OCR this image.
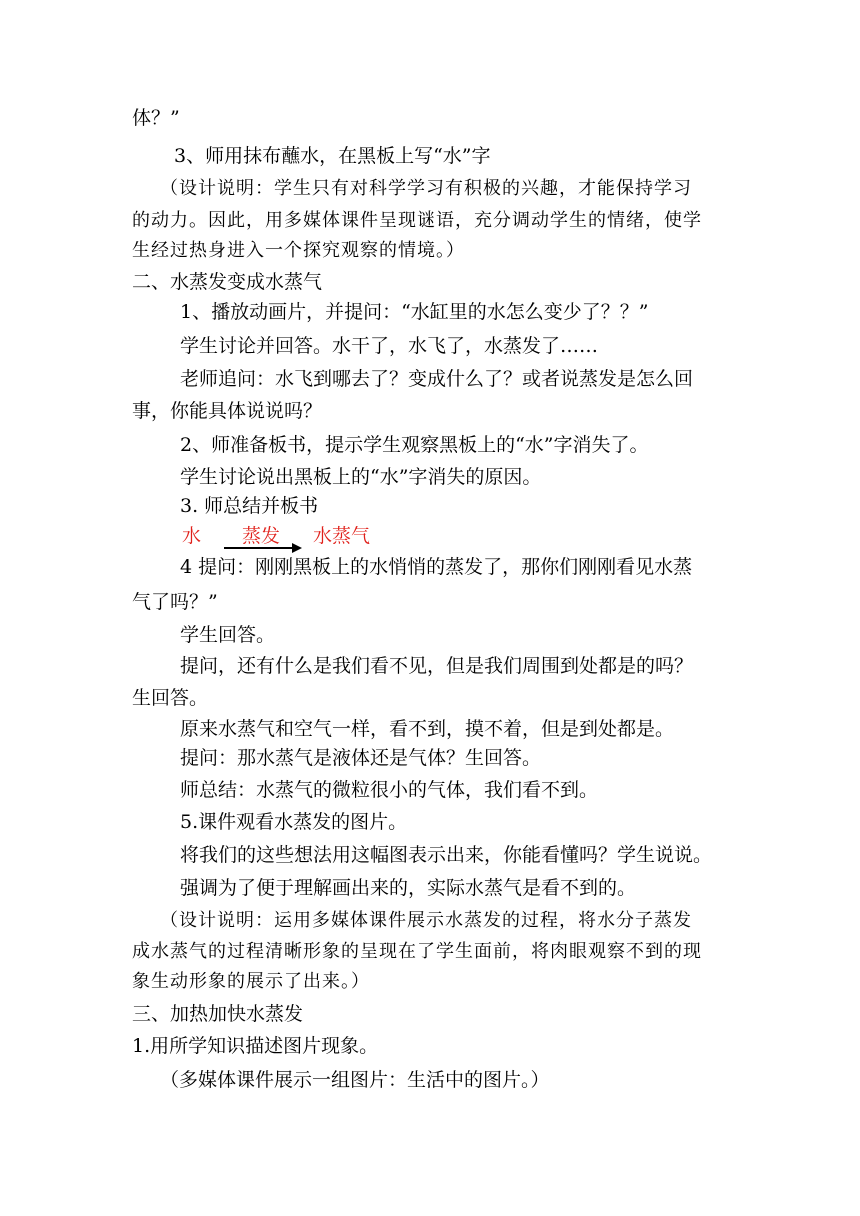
体？”

3、师用抹布蘸水，在黑板上写“水”字

（设计说明：学生只有对科学学习有积极的兴趣，才能保持学习

的动力。因此，用多媒体课件呈现谜语，充分调动学生的情绪，使学

生经过热身进入一个探究观察的情境。）

二、水蒸发变成水蒸气

1、播放动画片，并提问：“水缸里的水怎么变少了？？”

学生讨论并回答。水干了，水飞了，水蒸发了……

老师追问：水飞到哪去了？变成什么了？或者说蒸发是怎么回

事，你能具体说说吗？

2、师准备板书，提示学生观察黑板上的“水”字消失了。

学生讨论说出黑板上的“水”字消失的原因。

3. 师总结并板书

水 蒸发 水蒸气

4 提问：刚刚黑板上的水悄悄的蒸发了，那你们刚刚看见水蒸

气了吗？”

学生回答。

提问，还有什么是我们看不见，但是我们周围到处都是的吗？

生回答。

原来水蒸气和空气一样，看不到，摸不着，但是到处都是。

提问：那水蒸气是液体还是气体？生回答。

师总结：水蒸气的微粒很小的气体，我们看不到。

5.课件观看水蒸发的图片。

将我们的这些想法用这幅图表示出来，你能看懂吗？学生说说。

强调为了便于理解画出来的，实际水蒸气是看不到的。

（设计说明：运用多媒体课件展示水蒸发的过程，将水分子蒸发

成水蒸气的过程清晰形象的呈现在了学生面前，将肉眼观察不到的现

象生动形象的展示了出来。）

三、加热加快水蒸发

1.用所学知识描述图片现象。

（多媒体课件展示一组图片：生活中的图片。）
